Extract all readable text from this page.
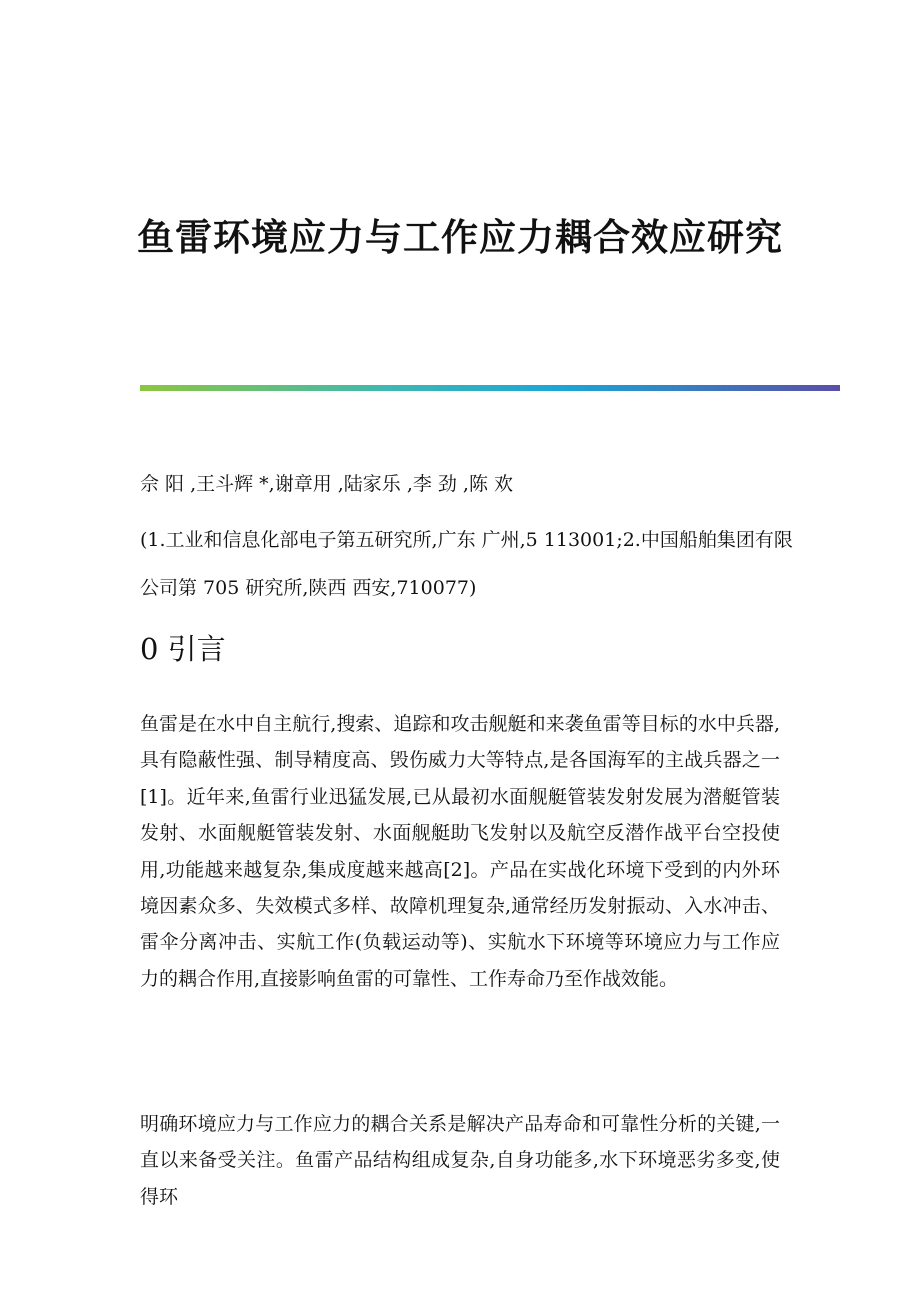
鱼雷环境应力与工作应力耦合效应研究
佘 阳 ,王斗辉 *,谢章用 ,陆家乐 ,李 劲 ,陈 欢
(1.工业和信息化部电子第五研究所,广东 广州,5 113001;2.中国船舶集团有限
公司第 705 研究所,陕西 西安,710077)
0 引言
鱼雷是在水中自主航行,搜索、追踪和攻击舰艇和来袭鱼雷等目标的水中兵器,具有隐蔽性强、制导精度高、毁伤威力大等特点,是各国海军的主战兵器之一[1]。近年来,鱼雷行业迅猛发展,已从最初水面舰艇管装发射发展为潜艇管装发射、水面舰艇管装发射、水面舰艇助飞发射以及航空反潜作战平台空投使用,功能越来越复杂,集成度越来越高[2]。产品在实战化环境下受到的内外环境因素众多、失效模式多样、故障机理复杂,通常经历发射振动、入水冲击、雷伞分离冲击、实航工作(负载运动等)、实航水下环境等环境应力与工作应力的耦合作用,直接影响鱼雷的可靠性、工作寿命乃至作战效能。
明确环境应力与工作应力的耦合关系是解决产品寿命和可靠性分析的关键,一直以来备受关注。鱼雷产品结构组成复杂,自身功能多,水下环境恶劣多变,使得环
